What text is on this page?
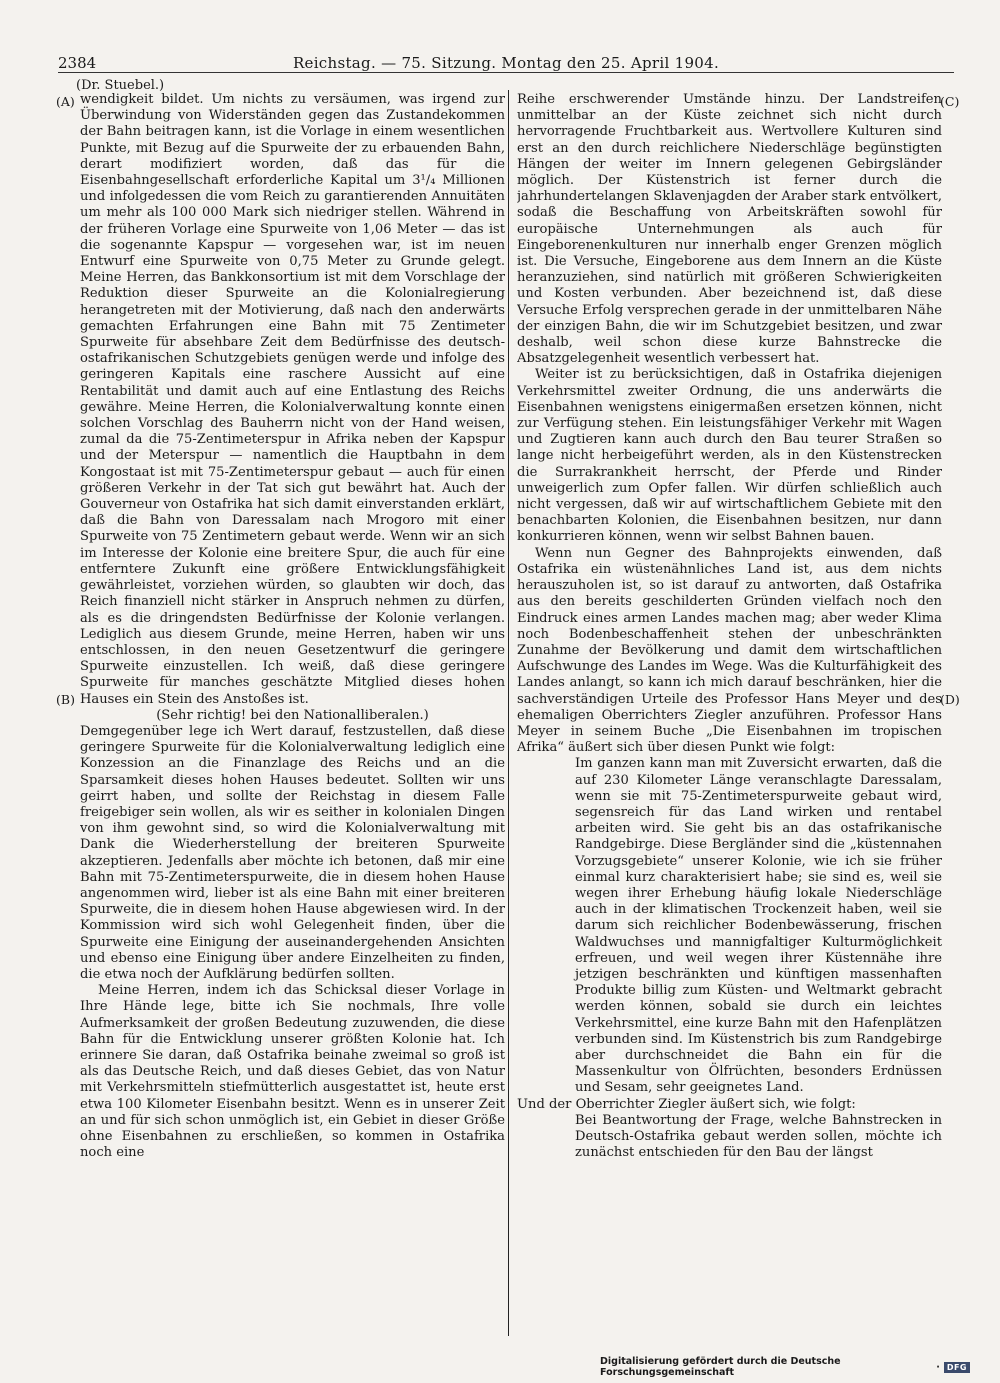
2384	Reichstag. — 75. Sitzung. Montag den 25. April 1904.
(Dr. Stuebel.)
(A)
(B)
(C)
(D)

wendigkeit bildet. Um nichts zu versäumen, was irgend zur Überwindung von Widerständen gegen das Zustandekommen der Bahn beitragen kann, ist die Vorlage in einem wesentlichen Punkte, mit Bezug auf die Spurweite der zu erbauenden Bahn, derart modifiziert worden, daß das für die Eisenbahngesellschaft erforderliche Kapital um 3¹/₄ Millionen und infolgedessen die vom Reich zu garantierenden Annuitäten um mehr als 100 000 Mark sich niedriger stellen. Während in der früheren Vorlage eine Spurweite von 1,06 Meter — das ist die sogenannte Kapspur — vorgesehen war, ist im neuen Entwurf eine Spurweite von 0,75 Meter zu Grunde gelegt. Meine Herren, das Bankkonsortium ist mit dem Vorschlage der Reduktion dieser Spurweite an die Kolonialregierung herangetreten mit der Motivierung, daß nach den anderwärts gemachten Erfahrungen eine Bahn mit 75 Zentimeter Spurweite für absehbare Zeit dem Bedürfnisse des deutsch-ostafrikanischen Schutzgebiets genügen werde und infolge des geringeren Kapitals eine raschere Aussicht auf eine Rentabilität und damit auch auf eine Entlastung des Reichs gewähre. Meine Herren, die Kolonialverwaltung konnte einen solchen Vorschlag des Bauherrn nicht von der Hand weisen, zumal da die 75-Zentimeterspur in Afrika neben der Kapspur und der Meterspur — namentlich die Hauptbahn in dem Kongostaat ist mit 75-Zentimeterspur gebaut — auch für einen größeren Verkehr in der Tat sich gut bewährt hat. Auch der Gouverneur von Ostafrika hat sich damit einverstanden erklärt, daß die Bahn von Daressalam nach Mrogoro mit einer Spurweite von 75 Zentimetern gebaut werde. Wenn wir an sich im Interesse der Kolonie eine breitere Spur, die auch für eine entferntere Zukunft eine größere Entwicklungsfähigkeit gewährleistet, vorziehen würden, so glaubten wir doch, das Reich finanziell nicht stärker in Anspruch nehmen zu dürfen, als es die dringendsten Bedürfnisse der Kolonie verlangen. Lediglich aus diesem Grunde, meine Herren, haben wir uns entschlossen, in den neuen Gesetzentwurf die geringere Spurweite einzustellen. Ich weiß, daß diese geringere Spurweite für manches geschätzte Mitglied dieses hohen Hauses ein Stein des Anstoßes ist.

(Sehr richtig! bei den Nationalliberalen.)

Demgegenüber lege ich Wert darauf, festzustellen, daß diese geringere Spurweite für die Kolonialverwaltung lediglich eine Konzession an die Finanzlage des Reichs und an die Sparsamkeit dieses hohen Hauses bedeutet. Sollten wir uns geirrt haben, und sollte der Reichstag in diesem Falle freigebiger sein wollen, als wir es seither in kolonialen Dingen von ihm gewohnt sind, so wird die Kolonialverwaltung mit Dank die Wiederherstellung der breiteren Spurweite akzeptieren. Jedenfalls aber möchte ich betonen, daß mir eine Bahn mit 75-Zentimeterspurweite, die in diesem hohen Hause angenommen wird, lieber ist als eine Bahn mit einer breiteren Spurweite, die in diesem hohen Hause abgewiesen wird. In der Kommission wird sich wohl Gelegenheit finden, über die Spurweite eine Einigung der auseinandergehenden Ansichten und ebenso eine Einigung über andere Einzelheiten zu finden, die etwa noch der Aufklärung bedürfen sollten.

Meine Herren, indem ich das Schicksal dieser Vorlage in Ihre Hände lege, bitte ich Sie nochmals, Ihre volle Aufmerksamkeit der großen Bedeutung zuzuwenden, die diese Bahn für die Entwicklung unserer größten Kolonie hat. Ich erinnere Sie daran, daß Ostafrika beinahe zweimal so groß ist als das Deutsche Reich, und daß dieses Gebiet, das von Natur mit Verkehrsmitteln stiefmütterlich ausgestattet ist, heute erst etwa 100 Kilometer Eisenbahn besitzt. Wenn es in unserer Zeit an und für sich schon unmöglich ist, ein Gebiet in dieser Größe ohne Eisenbahnen zu erschließen, so kommen in Ostafrika noch eine

Reihe erschwerender Umstände hinzu. Der Landstreifen unmittelbar an der Küste zeichnet sich nicht durch hervorragende Fruchtbarkeit aus. Wertvollere Kulturen sind erst an den durch reichlichere Niederschläge begünstigten Hängen der weiter im Innern gelegenen Gebirgsländer möglich. Der Küstenstrich ist ferner durch die jahrhundertelangen Sklavenjagden der Araber stark entvölkert, sodaß die Beschaffung von Arbeitskräften sowohl für europäische Unternehmungen als auch für Eingeborenenkulturen nur innerhalb enger Grenzen möglich ist. Die Versuche, Eingeborene aus dem Innern an die Küste heranzuziehen, sind natürlich mit größeren Schwierigkeiten und Kosten verbunden. Aber bezeichnend ist, daß diese Versuche Erfolg versprechen gerade in der unmittelbaren Nähe der einzigen Bahn, die wir im Schutzgebiet besitzen, und zwar deshalb, weil schon diese kurze Bahnstrecke die Absatzgelegenheit wesentlich verbessert hat.

Weiter ist zu berücksichtigen, daß in Ostafrika diejenigen Verkehrsmittel zweiter Ordnung, die uns anderwärts die Eisenbahnen wenigstens einigermaßen ersetzen können, nicht zur Verfügung stehen. Ein leistungsfähiger Verkehr mit Wagen und Zugtieren kann auch durch den Bau teurer Straßen so lange nicht herbeigeführt werden, als in den Küstenstrecken die Surrakrankheit herrscht, der Pferde und Rinder unweigerlich zum Opfer fallen. Wir dürfen schließlich auch nicht vergessen, daß wir auf wirtschaftlichem Gebiete mit den benachbarten Kolonien, die Eisenbahnen besitzen, nur dann konkurrieren können, wenn wir selbst Bahnen bauen.

Wenn nun Gegner des Bahnprojekts einwenden, daß Ostafrika ein wüstenähnliches Land ist, aus dem nichts herauszuholen ist, so ist darauf zu antworten, daß Ostafrika aus den bereits geschilderten Gründen vielfach noch den Eindruck eines armen Landes machen mag; aber weder Klima noch Bodenbeschaffenheit stehen der unbeschränkten Zunahme der Bevölkerung und damit dem wirtschaftlichen Aufschwunge des Landes im Wege. Was die Kulturfähigkeit des Landes anlangt, so kann ich mich darauf beschränken, hier die sachverständigen Urteile des Professor Hans Meyer und des ehemaligen Oberrichters Ziegler anzuführen. Professor Hans Meyer in seinem Buche „Die Eisenbahnen im tropischen Afrika“ äußert sich über diesen Punkt wie folgt:

Im ganzen kann man mit Zuversicht erwarten, daß die auf 230 Kilometer Länge veranschlagte Daressalam, wenn sie mit 75-Zentimeterspurweite gebaut wird, segensreich für das Land wirken und rentabel arbeiten wird. Sie geht bis an das ostafrikanische Randgebirge. Diese Bergländer sind die „küstennahen Vorzugsgebiete“ unserer Kolonie, wie ich sie früher einmal kurz charakterisiert habe; sie sind es, weil sie wegen ihrer Erhebung häufig lokale Niederschläge auch in der klimatischen Trockenzeit haben, weil sie darum sich reichlicher Bodenbewässerung, frischen Waldwuchses und mannigfaltiger Kulturmöglichkeit erfreuen, und weil wegen ihrer Küstennähe ihre jetzigen beschränkten und künftigen massenhaften Produkte billig zum Küsten- und Weltmarkt gebracht werden können, sobald sie durch ein leichtes Verkehrsmittel, eine kurze Bahn mit den Hafenplätzen verbunden sind. Im Küstenstrich bis zum Randgebirge aber durchschneidet die Bahn ein für die Massenkultur von Ölfrüchten, besonders Erdnüssen und Sesam, sehr geeignetes Land.

Und der Oberrichter Ziegler äußert sich, wie folgt:

Bei Beantwortung der Frage, welche Bahnstrecken in Deutsch-Ostafrika gebaut werden sollen, möchte ich zunächst entschieden für den Bau der längst

Digitalisierung gefördert durch die Deutsche Forschungsgemeinschaft	· DFG
